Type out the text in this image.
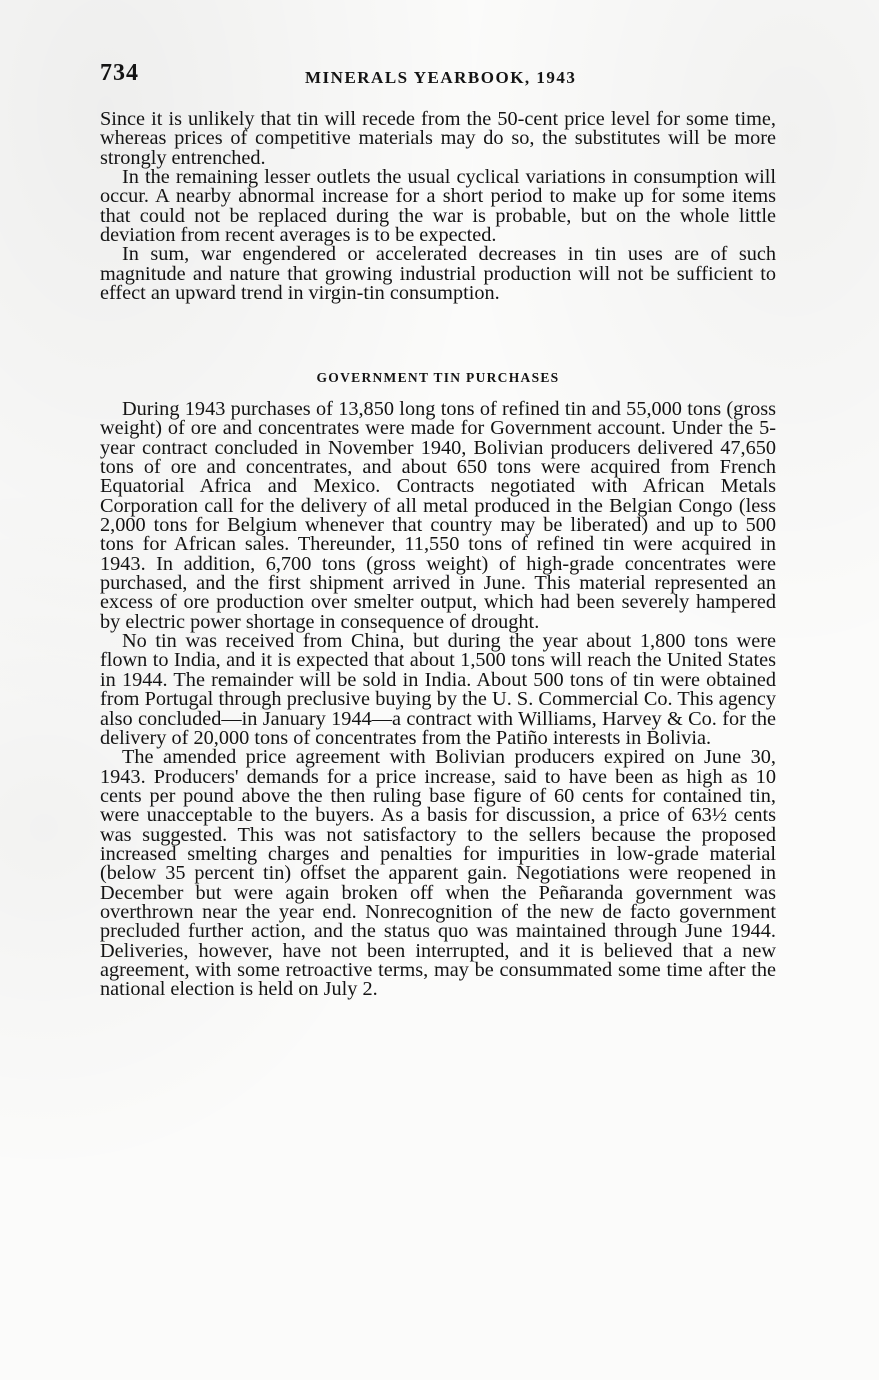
734	MINERALS YEARBOOK, 1943

Since it is unlikely that tin will recede from the 50-cent price level for some time, whereas prices of competitive materials may do so, the substitutes will be more strongly entrenched.

In the remaining lesser outlets the usual cyclical variations in consumption will occur. A nearby abnormal increase for a short period to make up for some items that could not be replaced during the war is probable, but on the whole little deviation from recent averages is to be expected.

In sum, war engendered or accelerated decreases in tin uses are of such magnitude and nature that growing industrial production will not be sufficient to effect an upward trend in virgin-tin consumption.

GOVERNMENT TIN PURCHASES

During 1943 purchases of 13,850 long tons of refined tin and 55,000 tons (gross weight) of ore and concentrates were made for Government account. Under the 5-year contract concluded in November 1940, Bolivian producers delivered 47,650 tons of ore and concentrates, and about 650 tons were acquired from French Equatorial Africa and Mexico. Contracts negotiated with African Metals Corporation call for the delivery of all metal produced in the Belgian Congo (less 2,000 tons for Belgium whenever that country may be liberated) and up to 500 tons for African sales. Thereunder, 11,550 tons of refined tin were acquired in 1943. In addition, 6,700 tons (gross weight) of high-grade concentrates were purchased, and the first shipment arrived in June. This material represented an excess of ore production over smelter output, which had been severely hampered by electric power shortage in consequence of drought.

No tin was received from China, but during the year about 1,800 tons were flown to India, and it is expected that about 1,500 tons will reach the United States in 1944. The remainder will be sold in India. About 500 tons of tin were obtained from Portugal through preclusive buying by the U. S. Commercial Co. This agency also concluded—in January 1944—a contract with Williams, Harvey & Co. for the delivery of 20,000 tons of concentrates from the Patiño interests in Bolivia.

The amended price agreement with Bolivian producers expired on June 30, 1943. Producers' demands for a price increase, said to have been as high as 10 cents per pound above the then ruling base figure of 60 cents for contained tin, were unacceptable to the buyers. As a basis for discussion, a price of 63½ cents was suggested. This was not satisfactory to the sellers because the proposed increased smelting charges and penalties for impurities in low-grade material (below 35 percent tin) offset the apparent gain. Negotiations were reopened in December but were again broken off when the Peñaranda government was overthrown near the year end. Nonrecognition of the new de facto government precluded further action, and the status quo was maintained through June 1944. Deliveries, however, have not been interrupted, and it is believed that a new agreement, with some retroactive terms, may be consummated some time after the national election is held on July 2.
